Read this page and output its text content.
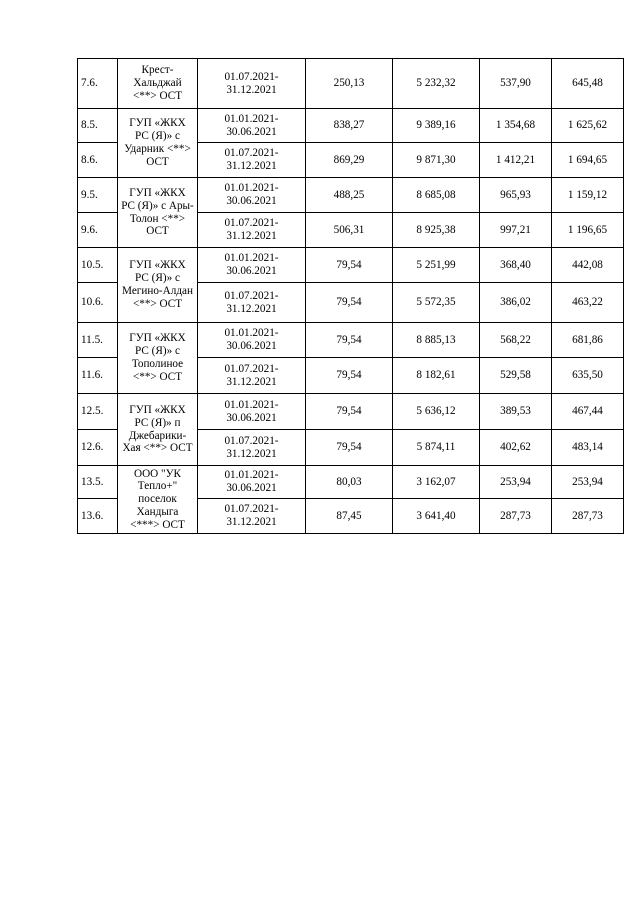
7.6.	Крест-Хальджай <**> ОСТ	01.07.2021-31.12.2021	250,13	5 232,32	537,90	645,48
8.5.	ГУП «ЖКХ РС (Я)» с Ударник <**> ОСТ	01.01.2021-30.06.2021	838,27	9 389,16	1 354,68	1 625,62
8.6.		01.07.2021-31.12.2021	869,29	9 871,30	1 412,21	1 694,65
9.5.	ГУП «ЖКХ РС (Я)» с Ары-Толон <**> ОСТ	01.01.2021-30.06.2021	488,25	8 685,08	965,93	1 159,12
9.6.		01.07.2021-31.12.2021	506,31	8 925,38	997,21	1 196,65
10.5.	ГУП «ЖКХ РС (Я)» с Мегино-Алдан <**> ОСТ	01.01.2021-30.06.2021	79,54	5 251,99	368,40	442,08
10.6.		01.07.2021-31.12.2021	79,54	5 572,35	386,02	463,22
11.5.	ГУП «ЖКХ РС (Я)» с Тополиное <**> ОСТ	01.01.2021-30.06.2021	79,54	8 885,13	568,22	681,86
11.6.		01.07.2021-31.12.2021	79,54	8 182,61	529,58	635,50
12.5.	ГУП «ЖКХ РС (Я)» п Джебарики-Хая <**> ОСТ	01.01.2021-30.06.2021	79,54	5 636,12	389,53	467,44
12.6.		01.07.2021-31.12.2021	79,54	5 874,11	402,62	483,14
13.5.	ООО "УК Тепло+" поселок Хандыга <***> ОСТ	01.01.2021-30.06.2021	80,03	3 162,07	253,94	253,94
13.6.		01.07.2021-31.12.2021	87,45	3 641,40	287,73	287,73
